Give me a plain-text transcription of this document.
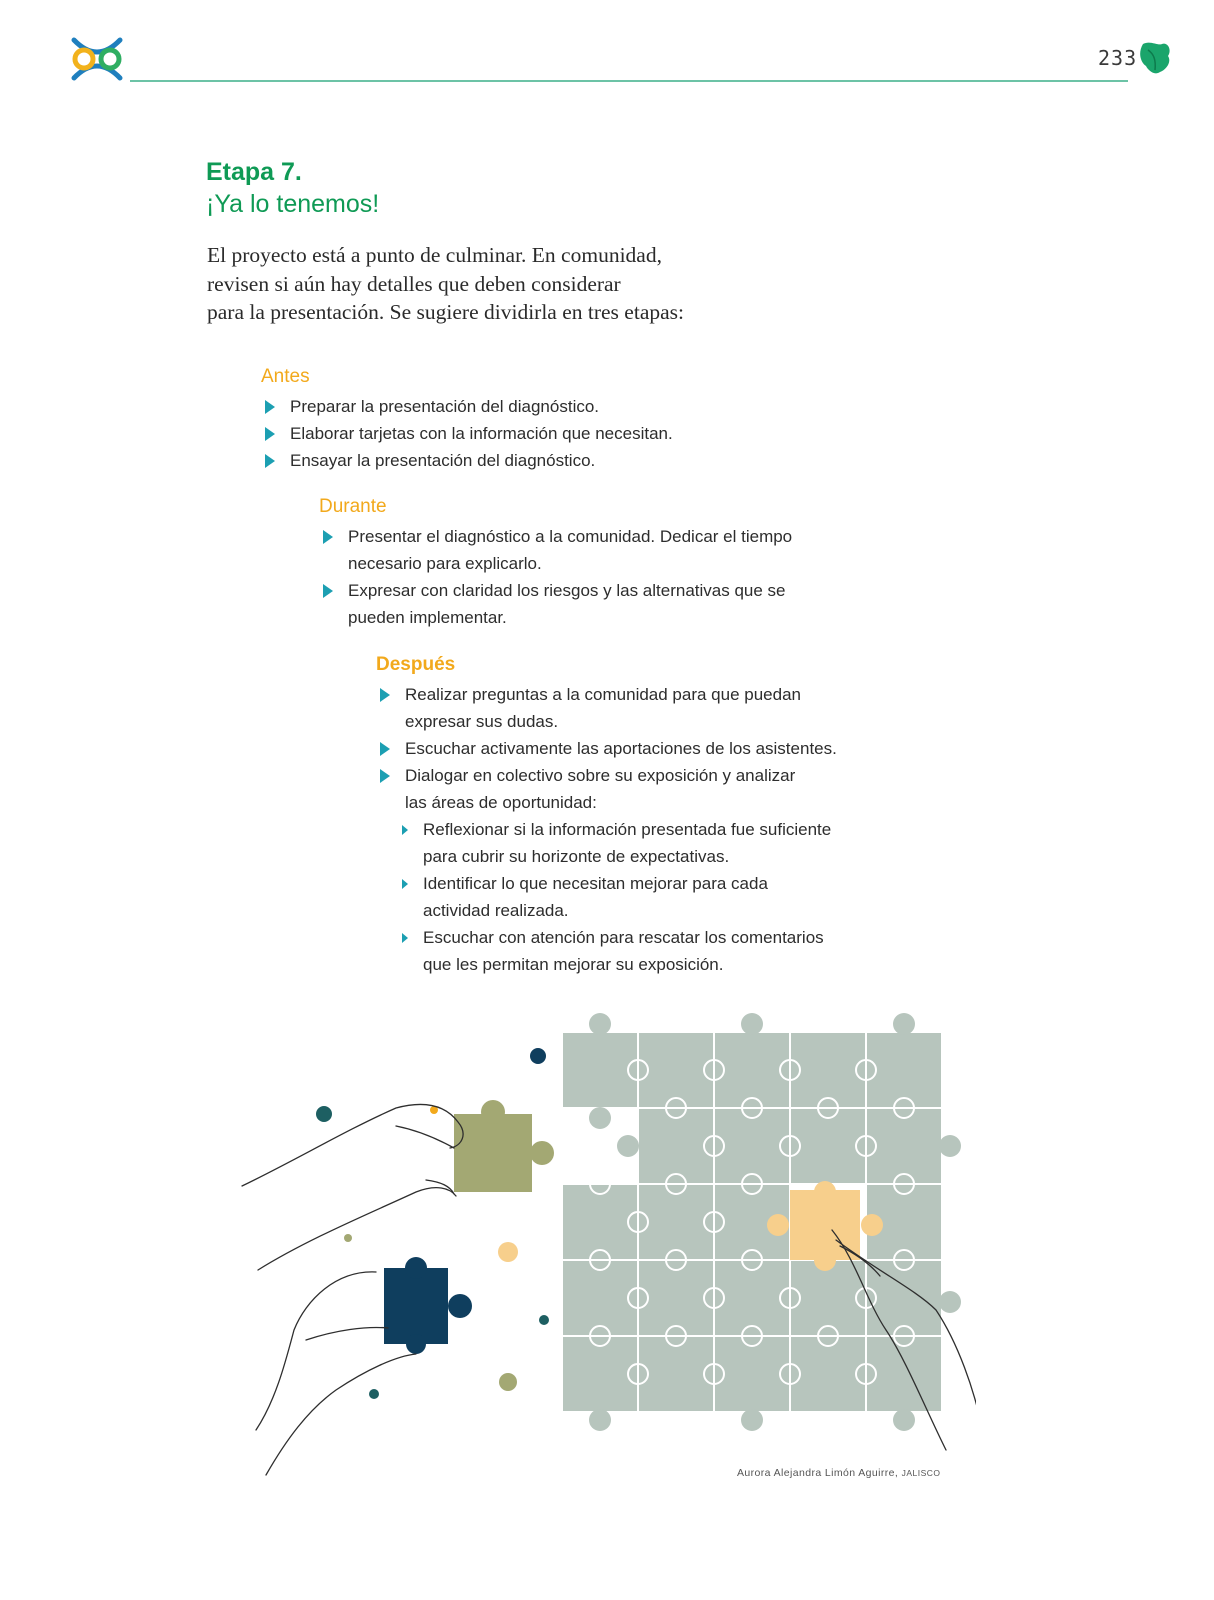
233
Etapa 7.
¡Ya lo tenemos!
El proyecto está a punto de culminar. En comunidad,
revisen si aún hay detalles que deben considerar
para la presentación. Se sugiere dividirla en tres etapas:
Antes
Preparar la presentación del diagnóstico.
Elaborar tarjetas con la información que necesitan.
Ensayar la presentación del diagnóstico.
Durante
Presentar el diagnóstico a la comunidad. Dedicar el tiempo
necesario para explicarlo.
Expresar con claridad los riesgos y las alternativas que se
pueden implementar.
Después
Realizar preguntas a la comunidad para que puedan
expresar sus dudas.
Escuchar activamente las aportaciones de los asistentes.
Dialogar en colectivo sobre su exposición y analizar
las áreas de oportunidad:
Reflexionar si la información presentada fue suficiente
para cubrir su horizonte de expectativas.
Identificar lo que necesitan mejorar para cada
actividad realizada.
Escuchar con atención para rescatar los comentarios
que les permitan mejorar su exposición.
Aurora Alejandra Limón Aguirre, JALISCO
